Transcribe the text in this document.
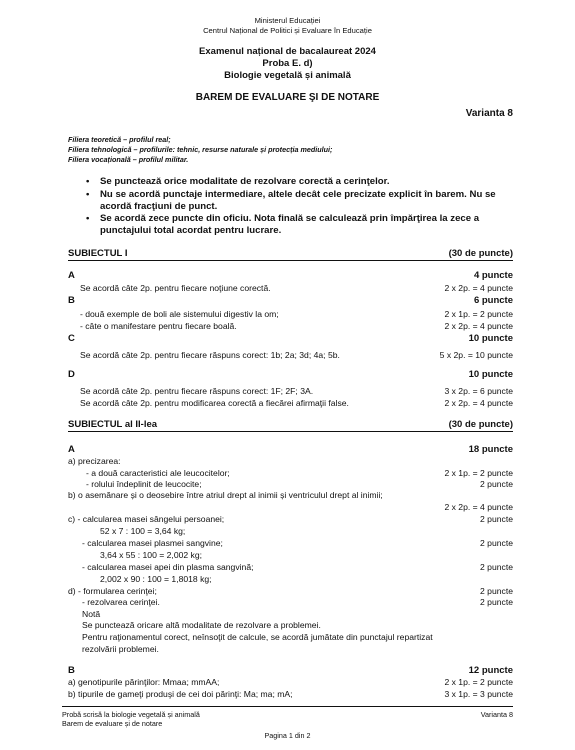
Ministerul Educației
Centrul Național de Politici și Evaluare în Educație
Examenul național de bacalaureat 2024
Proba E. d)
Biologie vegetală și animală
BAREM DE EVALUARE ŞI DE NOTARE
Varianta 8
Filiera teoretică – profilul real;
Filiera tehnologică – profilurile: tehnic, resurse naturale și protecția mediului;
Filiera vocațională – profilul militar.
• Se punctează orice modalitate de rezolvare corectă a cerinţelor.
• Nu se acordă punctaje intermediare, altele decât cele precizate explicit în barem. Nu se acordă fracţiuni de punct.
• Se acordă zece puncte din oficiu. Nota finală se calculează prin împărţirea la zece a punctajului total acordat pentru lucrare.
SUBIECTUL I	(30 de puncte)
A	4 puncte
Se acordă câte 2p. pentru fiecare noţiune corectă.	2 x 2p. = 4 puncte
B	6 puncte
- două exemple de boli ale sistemului digestiv la om;	2 x 1p. = 2 puncte
- câte o manifestare pentru fiecare boală.	2 x 2p. = 4 puncte
C	10 puncte
Se acordă câte 2p. pentru fiecare răspuns corect: 1b; 2a; 3d; 4a; 5b.	5 x 2p. = 10 puncte
D	10 puncte
Se acordă câte 2p. pentru fiecare răspuns corect: 1F; 2F; 3A.	3 x 2p. = 6 puncte
Se acordă câte 2p. pentru modificarea corectă a fiecărei afirmaţii false.	2 x 2p. = 4 puncte
SUBIECTUL al II-lea	(30 de puncte)
A	18 puncte
a) precizarea:
- a două caracteristici ale leucocitelor;	2 x 1p. = 2 puncte
- rolului îndeplinit de leucocite;	2 puncte
b) o asemănare și o deosebire între atriul drept al inimii și ventriculul drept al inimii;
2 x 2p. = 4 puncte
c) - calcularea masei sângelui persoanei;	2 puncte
52 x 7 : 100 = 3,64 kg;
- calcularea masei plasmei sangvine;	2 puncte
3,64 x 55 : 100 = 2,002 kg;
- calcularea masei apei din plasma sangvină;	2 puncte
2,002 x 90 : 100 = 1,8018 kg;
d) - formularea cerinţei;	2 puncte
- rezolvarea cerinţei.	2 puncte
Notă
Se punctează oricare altă modalitate de rezolvare a problemei.
Pentru raţionamentul corect, neînsoţit de calcule, se acordă jumătate din punctajul repartizat
rezolvării problemei.
B	12 puncte
a) genotipurile părinţilor: Mmaa; mmAA;	2 x 1p. = 2 puncte
b) tipurile de gameţi produşi de cei doi părinţi: Ma; ma; mA;	3 x 1p. = 3 puncte
Probă scrisă la biologie vegetală și animală
Barem de evaluare și de notare
Varianta 8
Pagina 1 din 2
